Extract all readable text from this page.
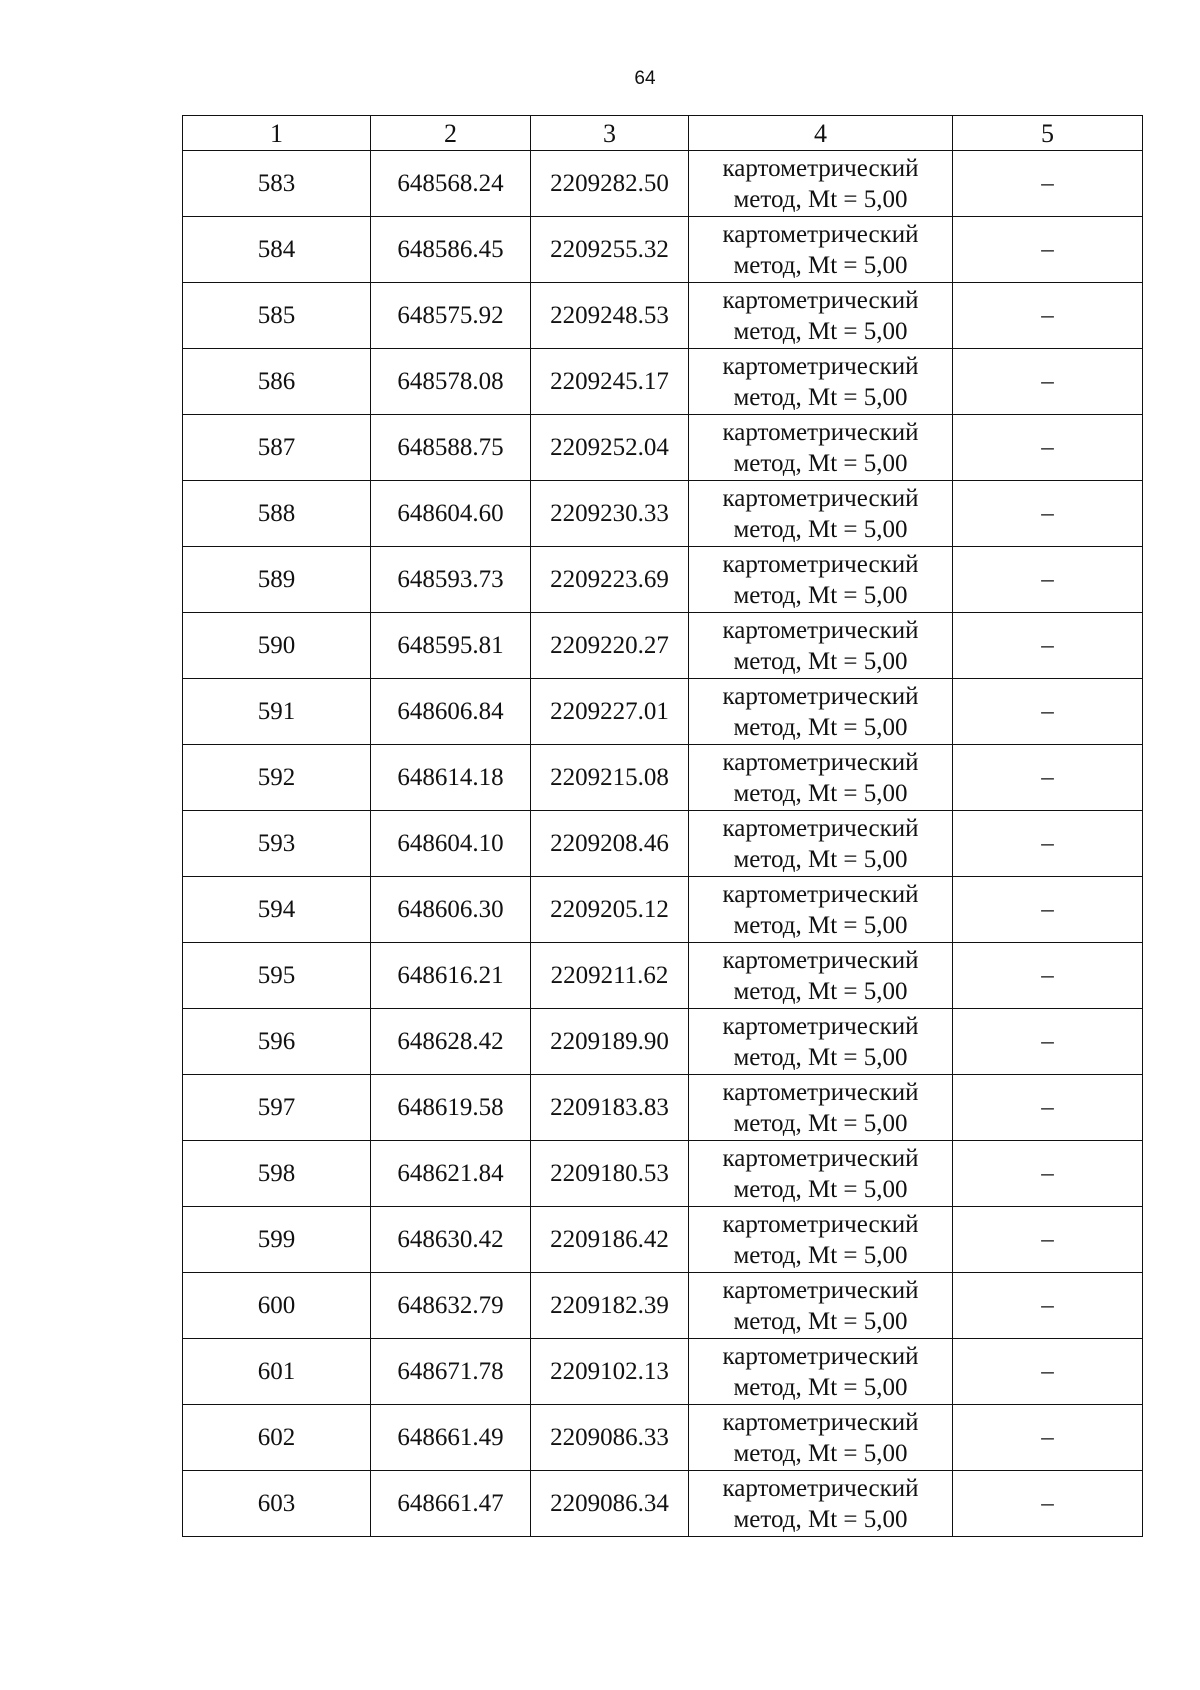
64
1	2	3	4	5
583	648568.24	2209282.50	картометрический
метод, Mt = 5,00	–
584	648586.45	2209255.32	картометрический
метод, Mt = 5,00	–
585	648575.92	2209248.53	картометрический
метод, Mt = 5,00	–
586	648578.08	2209245.17	картометрический
метод, Mt = 5,00	–
587	648588.75	2209252.04	картометрический
метод, Mt = 5,00	–
588	648604.60	2209230.33	картометрический
метод, Mt = 5,00	–
589	648593.73	2209223.69	картометрический
метод, Mt = 5,00	–
590	648595.81	2209220.27	картометрический
метод, Mt = 5,00	–
591	648606.84	2209227.01	картометрический
метод, Mt = 5,00	–
592	648614.18	2209215.08	картометрический
метод, Mt = 5,00	–
593	648604.10	2209208.46	картометрический
метод, Mt = 5,00	–
594	648606.30	2209205.12	картометрический
метод, Mt = 5,00	–
595	648616.21	2209211.62	картометрический
метод, Mt = 5,00	–
596	648628.42	2209189.90	картометрический
метод, Mt = 5,00	–
597	648619.58	2209183.83	картометрический
метод, Mt = 5,00	–
598	648621.84	2209180.53	картометрический
метод, Mt = 5,00	–
599	648630.42	2209186.42	картометрический
метод, Mt = 5,00	–
600	648632.79	2209182.39	картометрический
метод, Mt = 5,00	–
601	648671.78	2209102.13	картометрический
метод, Mt = 5,00	–
602	648661.49	2209086.33	картометрический
метод, Mt = 5,00	–
603	648661.47	2209086.34	картометрический
метод, Mt = 5,00	–
